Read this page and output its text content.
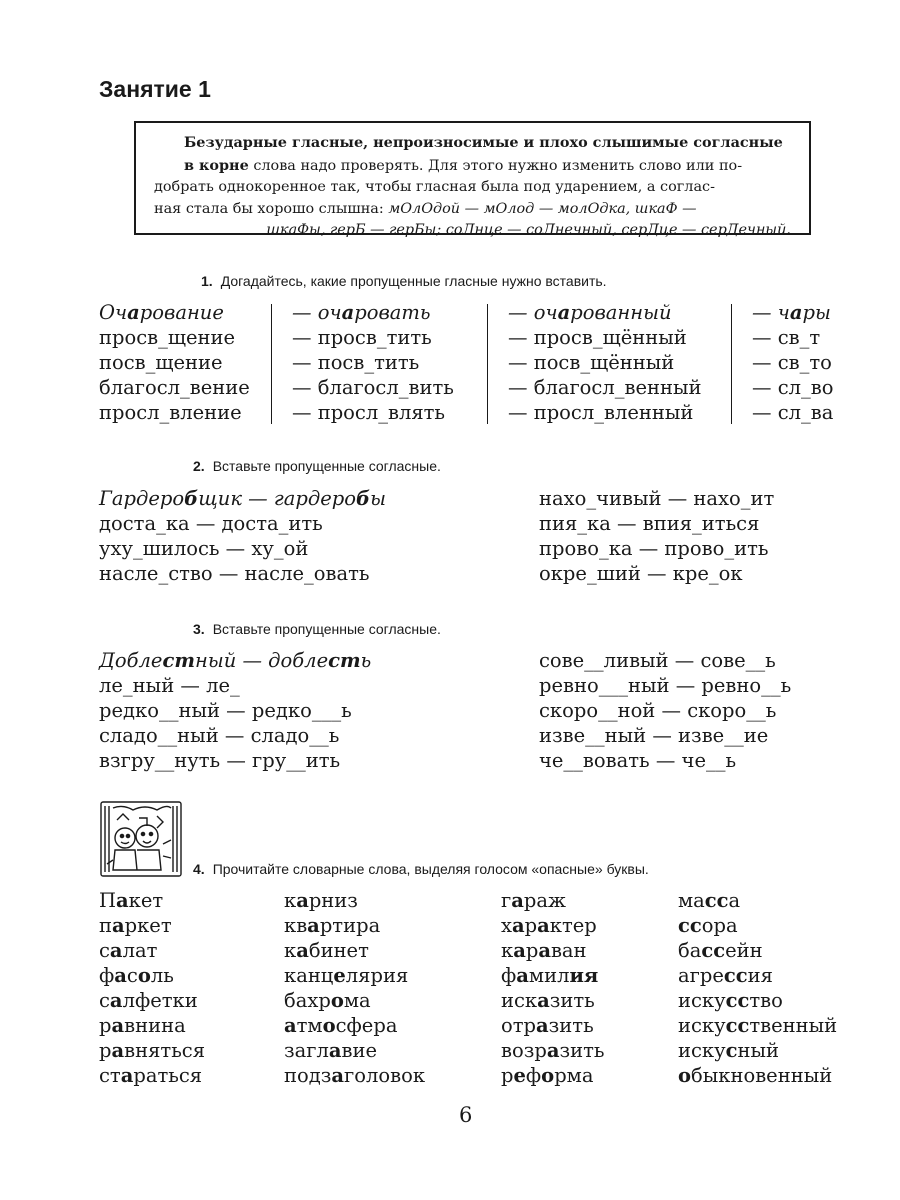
Занятие 1
Безударные гласные, непроизносимые и плохо слышимые согласные
в корне слова надо проверять. Для этого нужно изменить слово или по-
добрать однокоренное так, чтобы гласная была под ударением, а соглас-
ная стала бы хорошо слышна: мОлОдой — мОлод — молОдка, шкаФ —
шкаФы, герБ — герБы; соЛнце — соЛнечный, серДце — серДечный.
1. Догадайтесь, какие пропущенные гласные нужно вставить.
Очарование
просв_щение
посв_щение
благосл_вение
просл_вление
— очаровать
— просв_тить
— посв_тить
— благосл_вить
— просл_влять
— очарованный
— просв_щённый
— посв_щённый
— благосл_венный
— просл_вленный
— чары
— св_т
— св_то
— сл_во
— сл_ва
2. Вставьте пропущенные согласные.
Гардеробщик — гардеробы
доста_ка — доста_ить
уху_шилось — ху_ой
насле_ство — насле_овать
нахо_чивый — нахо_ит
пия_ка — впия_иться
прово_ка — прово_ить
окре_ший — кре_ок
3. Вставьте пропущенные согласные.
Доблестный — доблесть
ле_ный — ле_
редко__ный — редко___ь
сладо__ный — сладо__ь
взгру__нуть — гру__ить
сове__ливый — сове__ь
ревно___ный — ревно__ь
скоро__ной — скоро__ь
изве__ный — изве__ие
че__вовать — че__ь
4. Прочитайте словарные слова, выделяя голосом «опасные» буквы.
Пакет
паркет
салат
фасоль
салфетки
равнина
равняться
стараться
карниз
квартира
кабинет
канцелярия
бахрома
атмосфера
заглавие
подзаголовок
гараж
характер
караван
фамилия
исказить
отразить
возразить
реформа
масса
ссора
бассейн
агрессия
искусство
искусственный
искусный
обыкновенный
6
